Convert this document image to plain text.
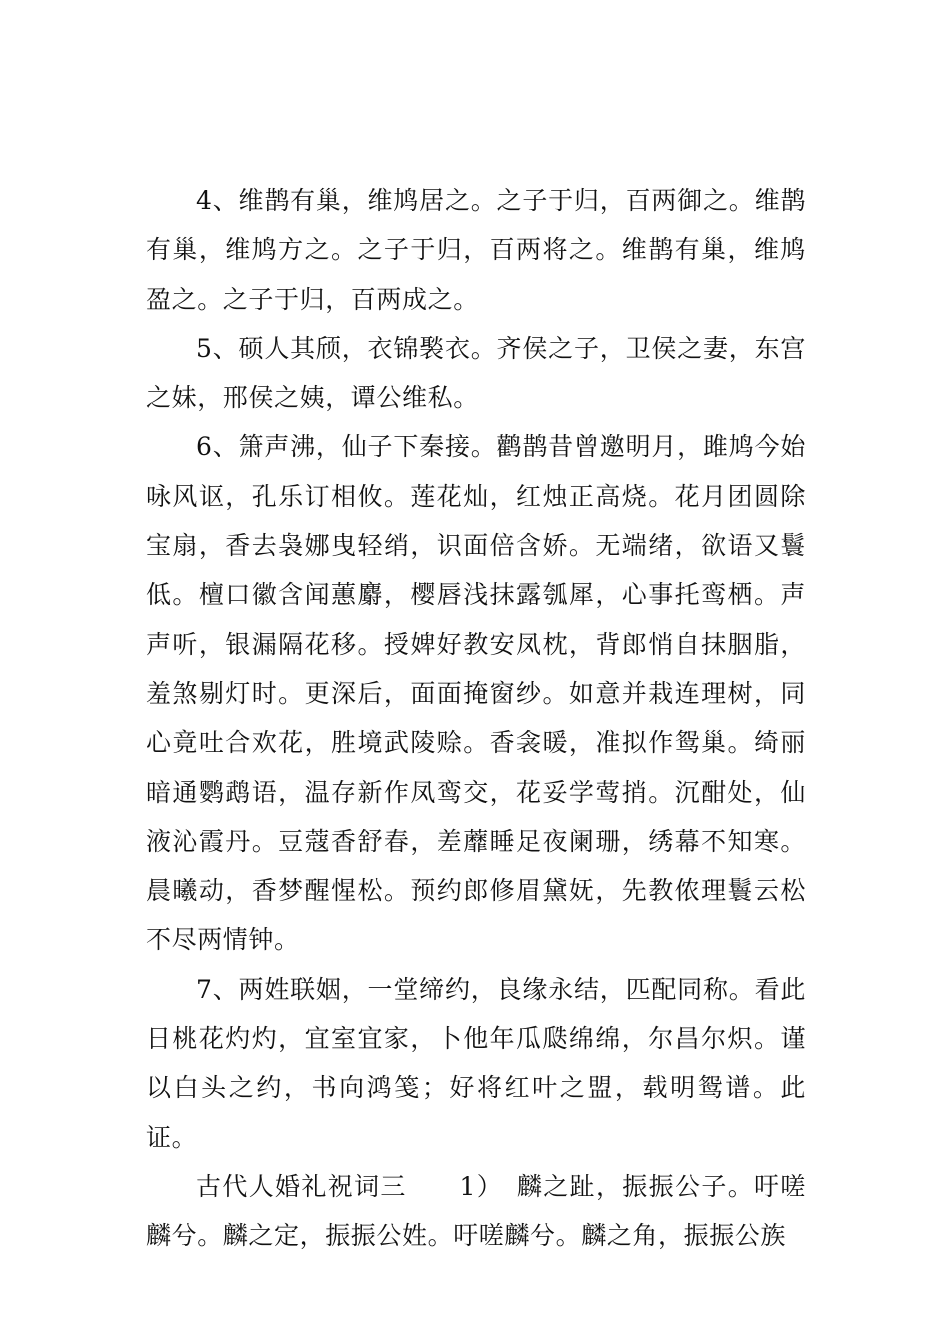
4、维鹊有巢，维鸠居之。之子于归，百两御之。维鹊有巢，维鸠方之。之子于归，百两将之。维鹊有巢，维鸠盈之。之子于归，百两成之。

5、硕人其颀，衣锦褧衣。齐侯之子，卫侯之妻，东宫之妹，邢侯之姨，谭公维私。

6、箫声沸，仙子下秦接。鹳鹊昔曾邀明月，雎鸠今始咏风讴，孔乐订相攸。莲花灿，红烛正高烧。花月团圆除宝扇，香去袅娜曳轻绡，识面倍含娇。无端绪，欲语又鬟低。檀口徽含闻蕙麝，樱唇浅抹露瓠犀，心事托鸾栖。声声听，银漏隔花移。授婢好教安凤枕，背郎悄自抹胭脂，羞煞剔灯时。更深后，面面掩窗纱。如意并栽连理树，同心竟吐合欢花，胜境武陵赊。香衾暖，准拟作鸳巢。绮丽暗通鹦鹉语，温存新作凤鸾交，花妥学莺捎。沉酣处，仙液沁霞丹。豆蔻香舒春，差蘼睡足夜阑珊，绣幕不知寒。晨曦动，香梦醒惺松。预约郎修眉黛妩，先教侬理鬟云松不尽两情钟。

7、两姓联姻，一堂缔约，良缘永结，匹配同称。看此日桃花灼灼，宜室宜家，卜他年瓜瓞绵绵，尔昌尔炽。谨以白头之约，书向鸿笺；好将红叶之盟，载明鸳谱。此证。

古代人婚礼祝词三　　1）　麟之趾，振振公子。吁嗟麟兮。麟之定，振振公姓。吁嗟麟兮。麟之角，振振公族
